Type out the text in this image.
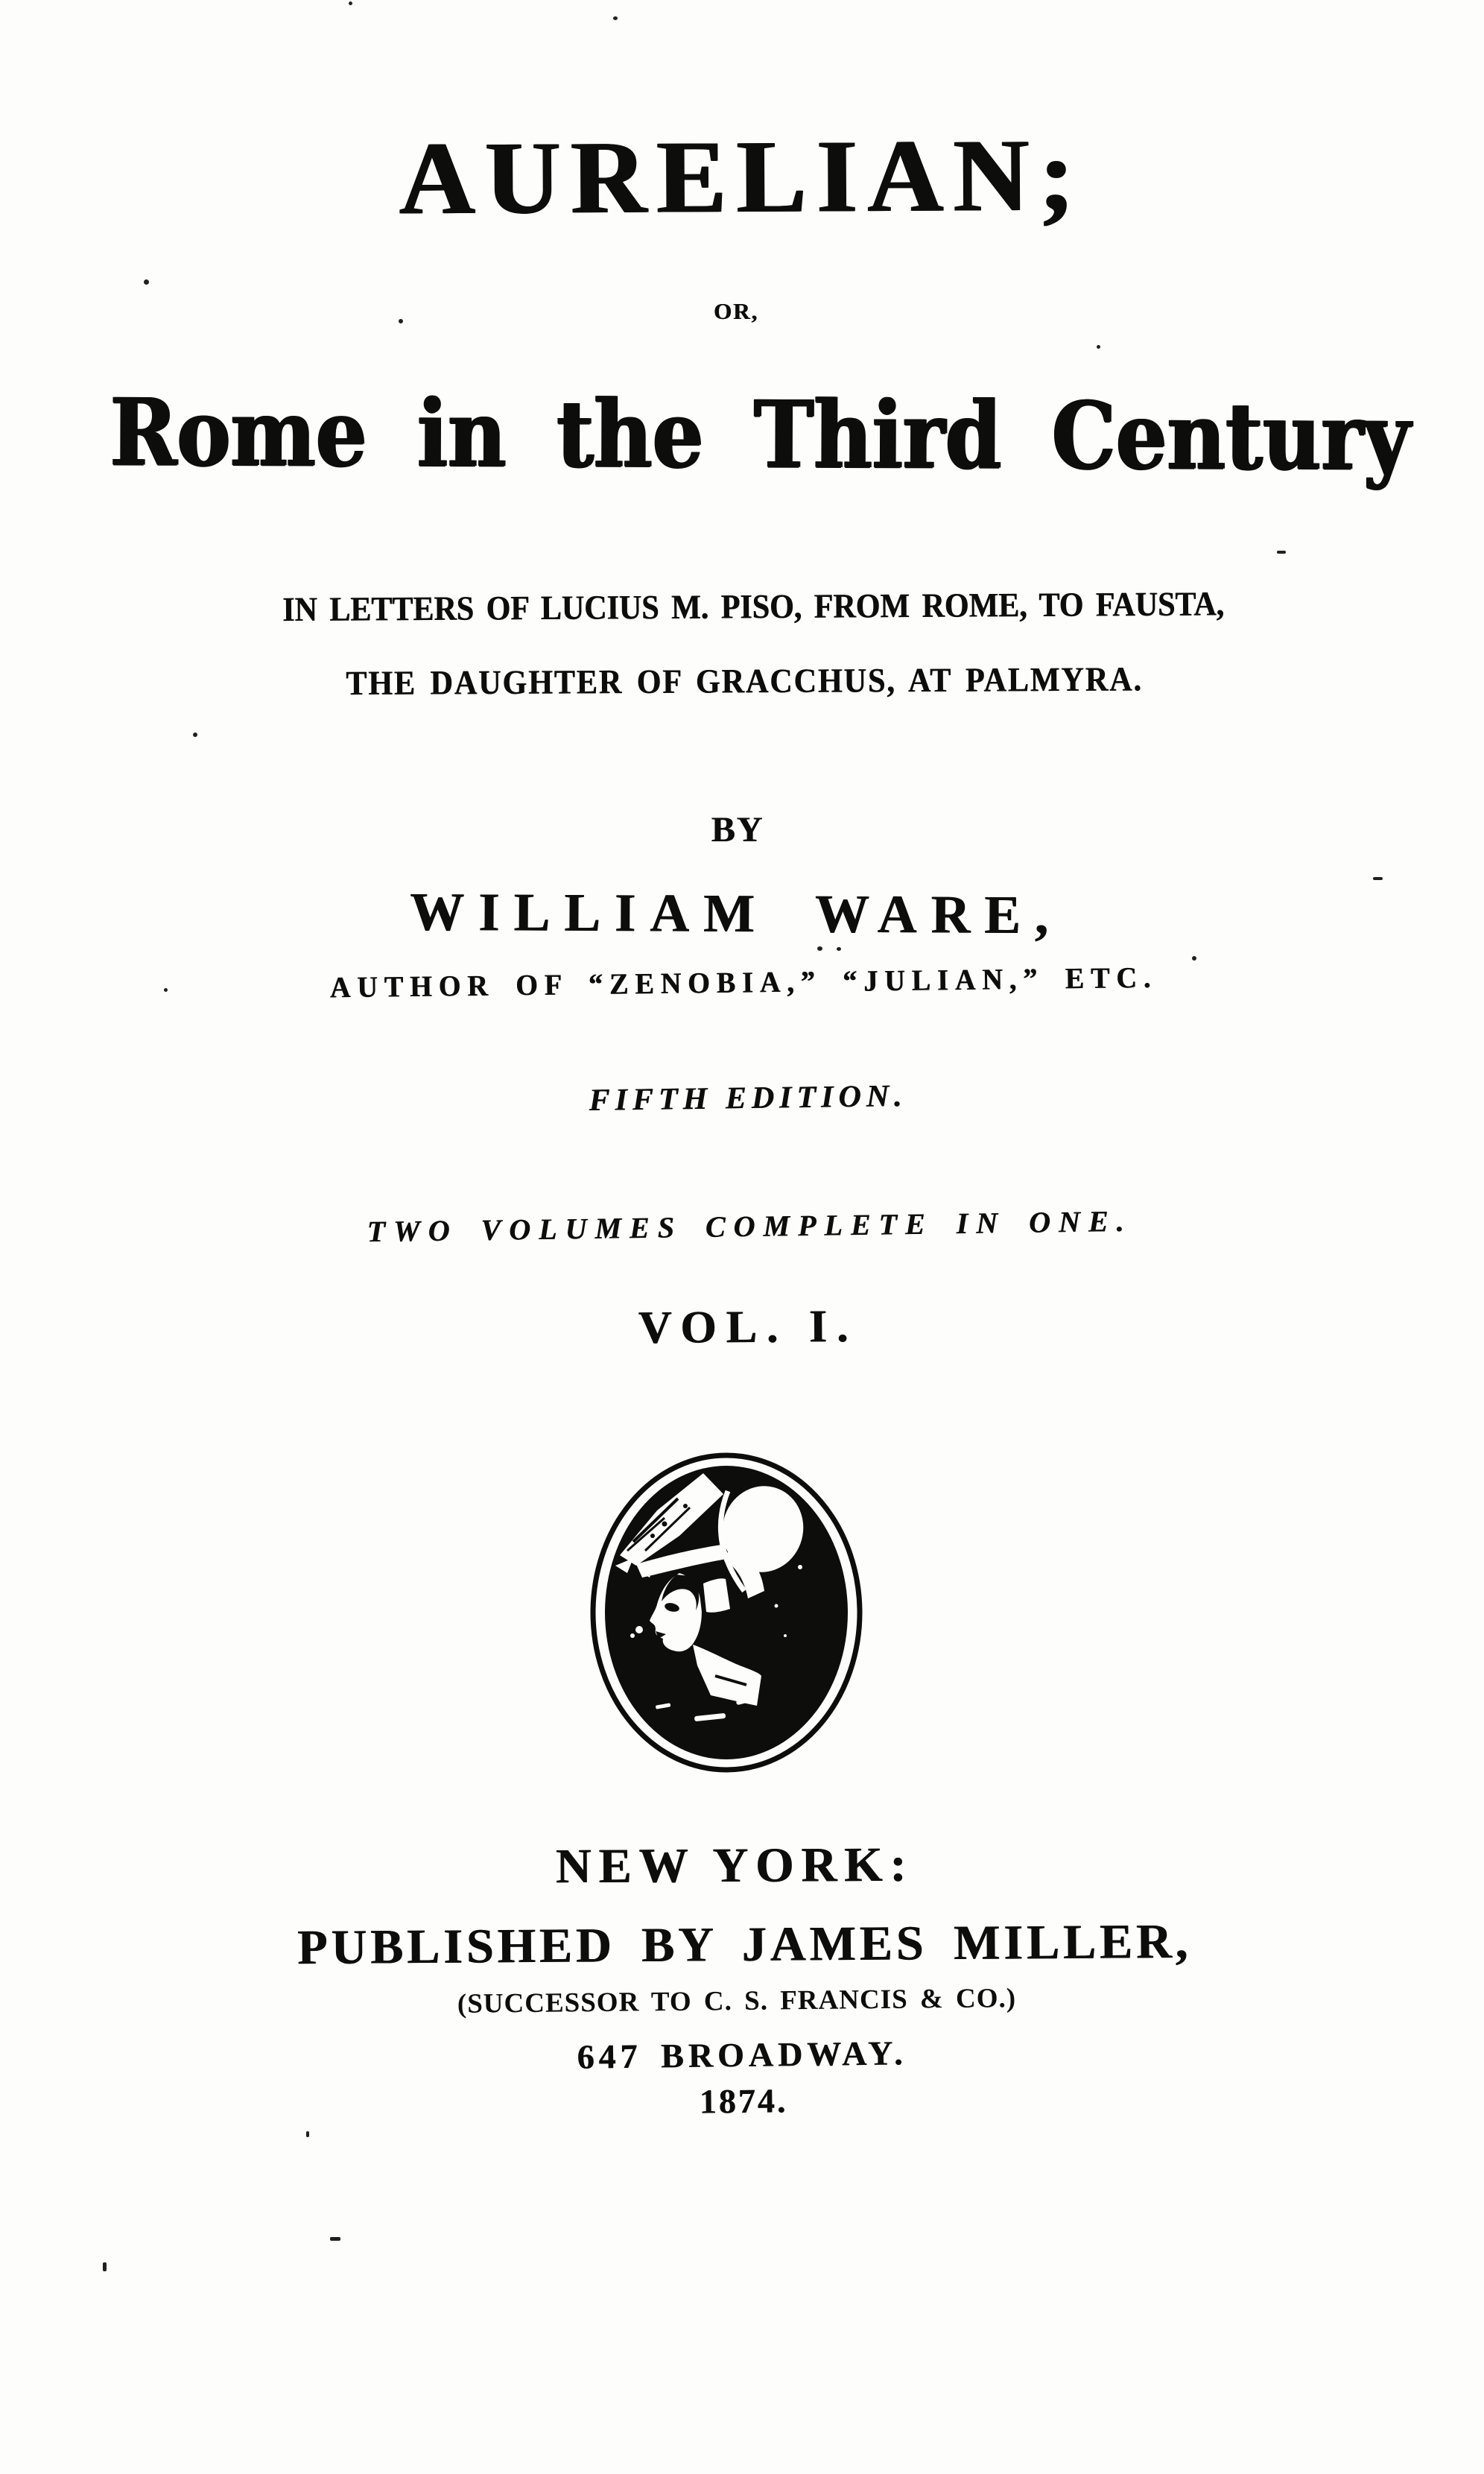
AURELIAN;
OR,
Rome in the Third Century
IN LETTERS OF LUCIUS M. PISO, FROM ROME, TO FAUSTA,
THE DAUGHTER OF GRACCHUS, AT PALMYRA.
BY
WILLIAM WARE,
AUTHOR OF “ZENOBIA,” “JULIAN,” ETC.
FIFTH EDITION.
TWO VOLUMES COMPLETE IN ONE.
VOL. I.
NEW YORK:
PUBLISHED BY JAMES MILLER,
(SUCCESSOR TO C. S. FRANCIS & CO.)
647 BROADWAY.
1874.
